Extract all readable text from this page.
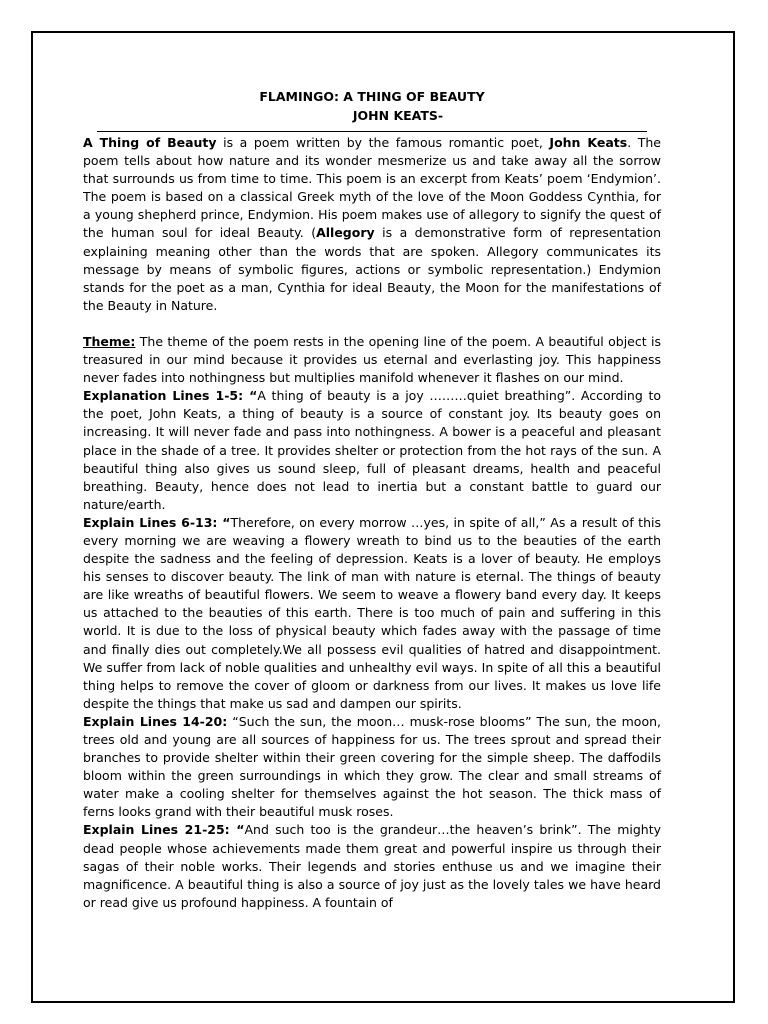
FLAMINGO: A THING OF BEAUTY
JOHN KEATS-

A Thing of Beauty is a poem written by the famous romantic poet, John Keats. The poem tells about how nature and its wonder mesmerize us and take away all the sorrow that surrounds us from time to time. This poem is an excerpt from Keats’ poem ‘Endymion’. The poem is based on a classical Greek myth of the love of the Moon Goddess Cynthia, for a young shepherd prince, Endymion. His poem makes use of allegory to signify the quest of the human soul for ideal Beauty. (Allegory is a demonstrative form of representation explaining meaning other than the words that are spoken. Allegory communicates its message by means of symbolic figures, actions or symbolic representation.) Endymion stands for the poet as a man, Cynthia for ideal Beauty, the Moon for the manifestations of the Beauty in Nature.

Theme: The theme of the poem rests in the opening line of the poem. A beautiful object is treasured in our mind because it provides us eternal and everlasting joy. This happiness never fades into nothingness but multiplies manifold whenever it flashes on our mind.

Explanation Lines 1-5: “A thing of beauty is a joy ………quiet breathing”. According to the poet, John Keats, a thing of beauty is a source of constant joy. Its beauty goes on increasing. It will never fade and pass into nothingness. A bower is a peaceful and pleasant place in the shade of a tree. It provides shelter or protection from the hot rays of the sun. A beautiful thing also gives us sound sleep, full of pleasant dreams, health and peaceful breathing. Beauty, hence does not lead to inertia but a constant battle to guard our nature/earth.

Explain Lines 6-13: “Therefore, on every morrow …yes, in spite of all,” As a result of this every morning we are weaving a flowery wreath to bind us to the beauties of the earth despite the sadness and the feeling of depression. Keats is a lover of beauty. He employs his senses to discover beauty. The link of man with nature is eternal. The things of beauty are like wreaths of beautiful flowers. We seem to weave a flowery band every day. It keeps us attached to the beauties of this earth. There is too much of pain and suffering in this world. It is due to the loss of physical beauty which fades away with the passage of time and finally dies out completely.We all possess evil qualities of hatred and disappointment. We suffer from lack of noble qualities and unhealthy evil ways. In spite of all this a beautiful thing helps to remove the cover of gloom or darkness from our lives. It makes us love life despite the things that make us sad and dampen our spirits.

Explain Lines 14-20: “Such the sun, the moon… musk-rose blooms” The sun, the moon, trees old and young are all sources of happiness for us. The trees sprout and spread their branches to provide shelter within their green covering for the simple sheep. The daffodils bloom within the green surroundings in which they grow. The clear and small streams of water make a cooling shelter for themselves against the hot season. The thick mass of ferns looks grand with their beautiful musk roses.

Explain Lines 21-25: “And such too is the grandeur…the heaven’s brink”. The mighty dead people whose achievements made them great and powerful inspire us through their sagas of their noble works. Their legends and stories enthuse us and we imagine their magnificence. A beautiful thing is also a source of joy just as the lovely tales we have heard or read give us profound happiness. A fountain of
